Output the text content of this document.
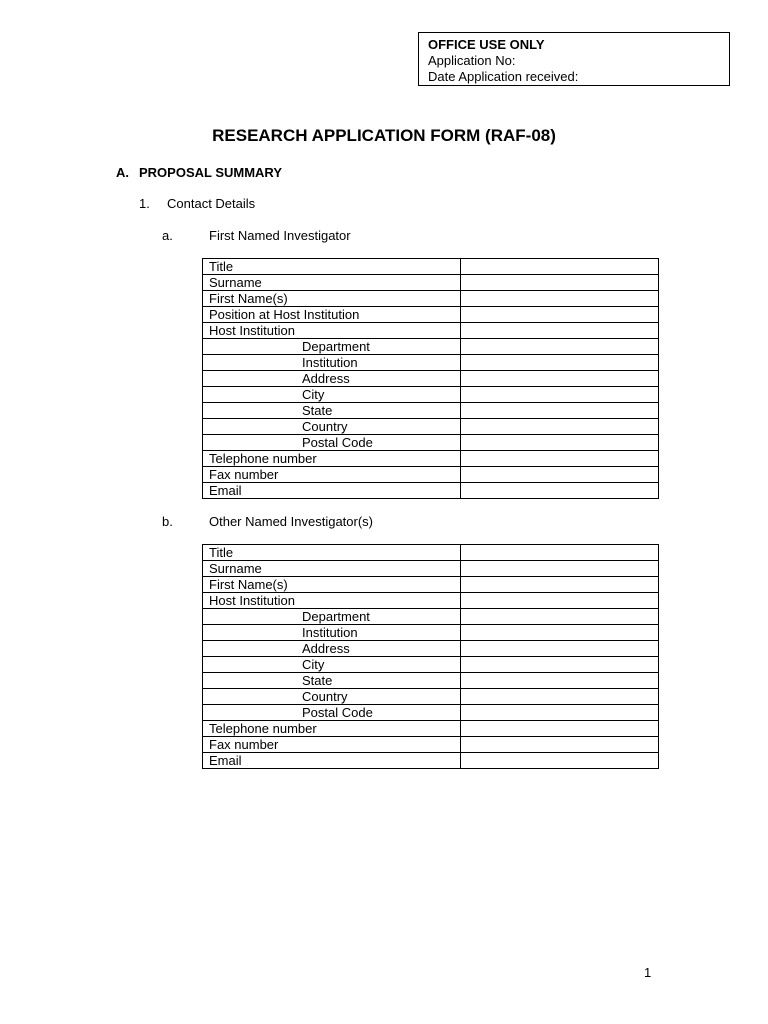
OFFICE USE ONLY
Application No:
Date Application received:
RESEARCH APPLICATION FORM (RAF-08)
A. PROPOSAL SUMMARY
1. Contact Details
a.	First Named Investigator
Title	
Surname	
First Name(s)	
Position at Host Institution	
Host Institution	
Department	
Institution	
Address	
City	
State	
Country	
Postal Code	
Telephone number	
Fax number	
Email	
b.	Other Named Investigator(s)
Title	
Surname	
First Name(s)	
Host Institution	
Department	
Institution	
Address	
City	
State	
Country	
Postal Code	
Telephone number	
Fax number	
Email	
1
